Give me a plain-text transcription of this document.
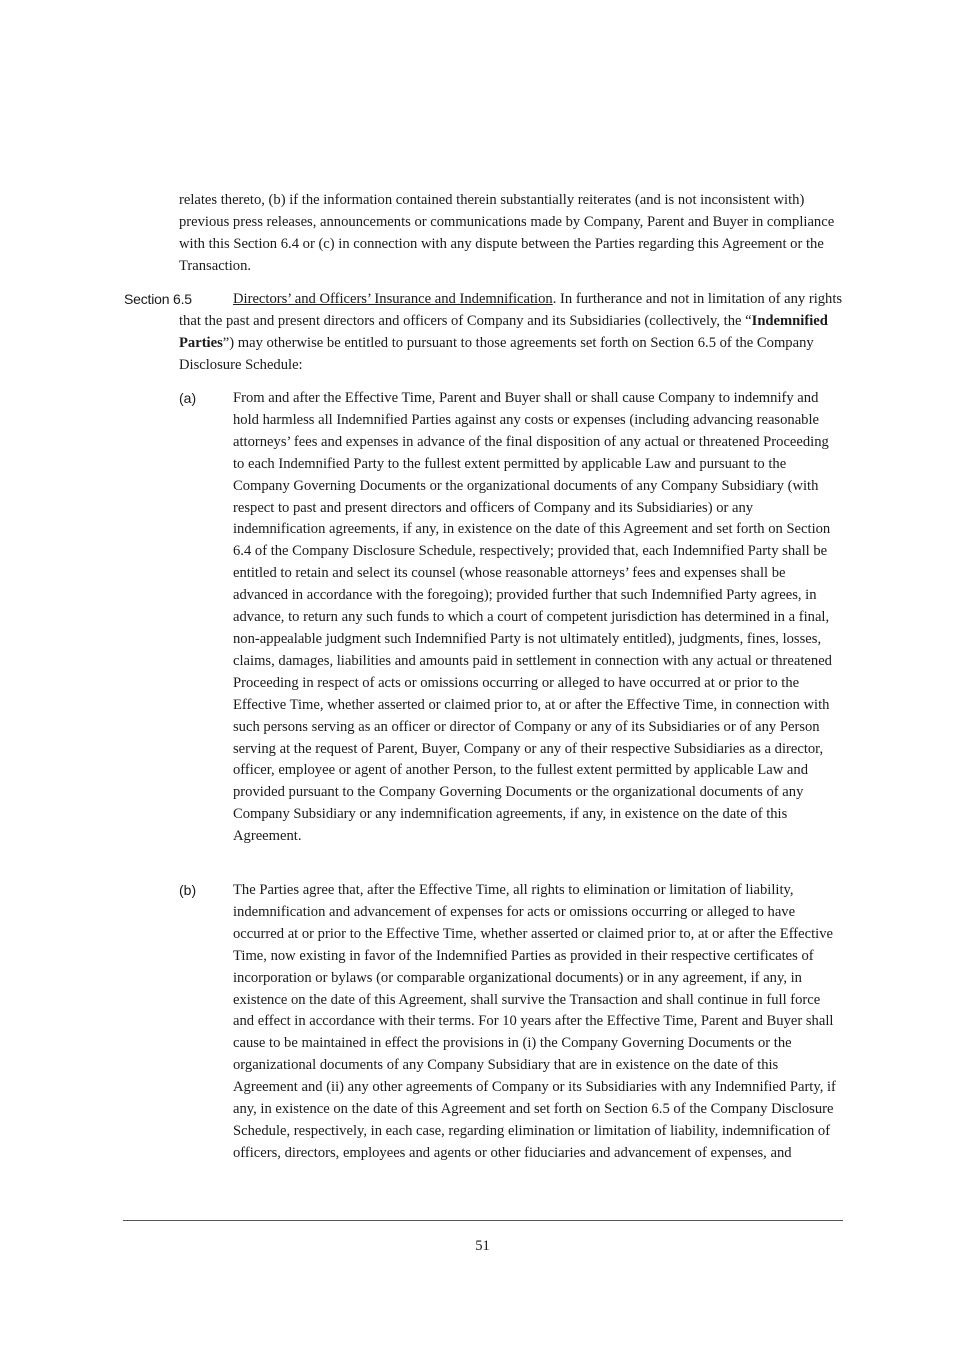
relates thereto, (b) if the information contained therein substantially reiterates (and is not inconsistent with) previous press releases, announcements or communications made by Company, Parent and Buyer in compliance with this Section 6.4 or (c) in connection with any dispute between the Parties regarding this Agreement or the Transaction.

Section 6.5	Directors’ and Officers’ Insurance and Indemnification. In furtherance and not in limitation of any rights that the past and present directors and officers of Company and its Subsidiaries (collectively, the “Indemnified Parties”) may otherwise be entitled to pursuant to those agreements set forth on Section 6.5 of the Company Disclosure Schedule:

(a)	From and after the Effective Time, Parent and Buyer shall or shall cause Company to indemnify and hold harmless all Indemnified Parties against any costs or expenses (including advancing reasonable attorneys’ fees and expenses in advance of the final disposition of any actual or threatened Proceeding to each Indemnified Party to the fullest extent permitted by applicable Law and pursuant to the Company Governing Documents or the organizational documents of any Company Subsidiary (with respect to past and present directors and officers of Company and its Subsidiaries) or any indemnification agreements, if any, in existence on the date of this Agreement and set forth on Section 6.4 of the Company Disclosure Schedule, respectively; provided that, each Indemnified Party shall be entitled to retain and select its counsel (whose reasonable attorneys’ fees and expenses shall be advanced in accordance with the foregoing); provided further that such Indemnified Party agrees, in advance, to return any such funds to which a court of competent jurisdiction has determined in a final, non-appealable judgment such Indemnified Party is not ultimately entitled), judgments, fines, losses, claims, damages, liabilities and amounts paid in settlement in connection with any actual or threatened Proceeding in respect of acts or omissions occurring or alleged to have occurred at or prior to the Effective Time, whether asserted or claimed prior to, at or after the Effective Time, in connection with such persons serving as an officer or director of Company or any of its Subsidiaries or of any Person serving at the request of Parent, Buyer, Company or any of their respective Subsidiaries as a director, officer, employee or agent of another Person, to the fullest extent permitted by applicable Law and provided pursuant to the Company Governing Documents or the organizational documents of any Company Subsidiary or any indemnification agreements, if any, in existence on the date of this Agreement.

(b)	The Parties agree that, after the Effective Time, all rights to elimination or limitation of liability, indemnification and advancement of expenses for acts or omissions occurring or alleged to have occurred at or prior to the Effective Time, whether asserted or claimed prior to, at or after the Effective Time, now existing in favor of the Indemnified Parties as provided in their respective certificates of incorporation or bylaws (or comparable organizational documents) or in any agreement, if any, in existence on the date of this Agreement, shall survive the Transaction and shall continue in full force and effect in accordance with their terms. For 10 years after the Effective Time, Parent and Buyer shall cause to be maintained in effect the provisions in (i) the Company Governing Documents or the organizational documents of any Company Subsidiary that are in existence on the date of this Agreement and (ii) any other agreements of Company or its Subsidiaries with any Indemnified Party, if any, in existence on the date of this Agreement and set forth on Section 6.5 of the Company Disclosure Schedule, respectively, in each case, regarding elimination or limitation of liability, indemnification of officers, directors, employees and agents or other fiduciaries and advancement of expenses, and

51
